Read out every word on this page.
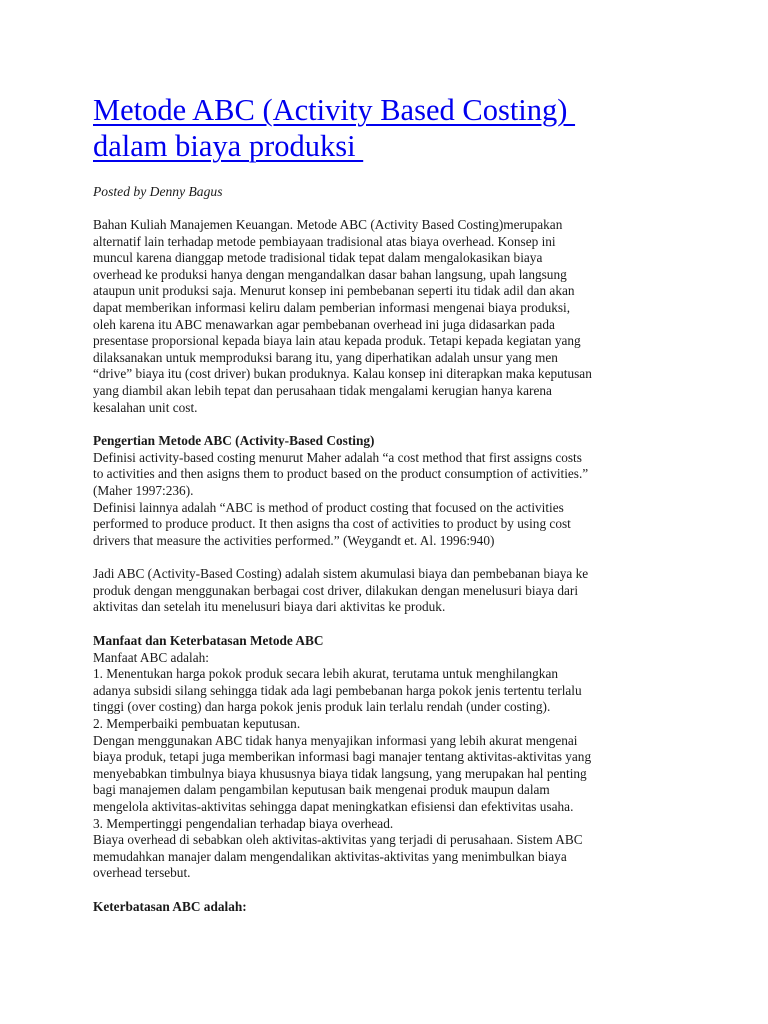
Metode ABC (Activity Based Costing)
dalam biaya produksi
Posted by Denny Bagus
Bahan Kuliah Manajemen Keuangan. Metode ABC (Activity Based Costing)merupakan
alternatif lain terhadap metode pembiayaan tradisional atas biaya overhead. Konsep ini
muncul karena dianggap metode tradisional tidak tepat dalam mengalokasikan biaya
overhead ke produksi hanya dengan mengandalkan dasar bahan langsung, upah langsung
ataupun unit produksi saja. Menurut konsep ini pembebanan seperti itu tidak adil dan akan
dapat memberikan informasi keliru dalam pemberian informasi mengenai biaya produksi,
oleh karena itu ABC menawarkan agar pembebanan overhead ini juga didasarkan pada
presentase proporsional kepada biaya lain atau kepada produk. Tetapi kepada kegiatan yang
dilaksanakan untuk memproduksi barang itu, yang diperhatikan adalah unsur yang men
“drive” biaya itu (cost driver) bukan produknya. Kalau konsep ini diterapkan maka keputusan
yang diambil akan lebih tepat dan perusahaan tidak mengalami kerugian hanya karena
kesalahan unit cost.
Pengertian Metode ABC (Activity-Based Costing)
Definisi activity-based costing menurut Maher adalah “a cost method that first assigns costs
to activities and then asigns them to product based on the product consumption of activities.”
(Maher 1997:236).
Definisi lainnya adalah “ABC is method of product costing that focused on the activities
performed to produce product. It then asigns tha cost of activities to product by using cost
drivers that measure the activities performed.” (Weygandt et. Al. 1996:940)
Jadi ABC (Activity-Based Costing) adalah sistem akumulasi biaya dan pembebanan biaya ke
produk dengan menggunakan berbagai cost driver, dilakukan dengan menelusuri biaya dari
aktivitas dan setelah itu menelusuri biaya dari aktivitas ke produk.
Manfaat dan Keterbatasan Metode ABC
Manfaat ABC adalah:
1. Menentukan harga pokok produk secara lebih akurat, terutama untuk menghilangkan
adanya subsidi silang sehingga tidak ada lagi pembebanan harga pokok jenis tertentu terlalu
tinggi (over costing) dan harga pokok jenis produk lain terlalu rendah (under costing).
2. Memperbaiki pembuatan keputusan.
Dengan menggunakan ABC tidak hanya menyajikan informasi yang lebih akurat mengenai
biaya produk, tetapi juga memberikan informasi bagi manajer tentang aktivitas-aktivitas yang
menyebabkan timbulnya biaya khususnya biaya tidak langsung, yang merupakan hal penting
bagi manajemen dalam pengambilan keputusan baik mengenai produk maupun dalam
mengelola aktivitas-aktivitas sehingga dapat meningkatkan efisiensi dan efektivitas usaha.
3. Mempertinggi pengendalian terhadap biaya overhead.
Biaya overhead di sebabkan oleh aktivitas-aktivitas yang terjadi di perusahaan. Sistem ABC
memudahkan manajer dalam mengendalikan aktivitas-aktivitas yang menimbulkan biaya
overhead tersebut.
Keterbatasan ABC adalah:
